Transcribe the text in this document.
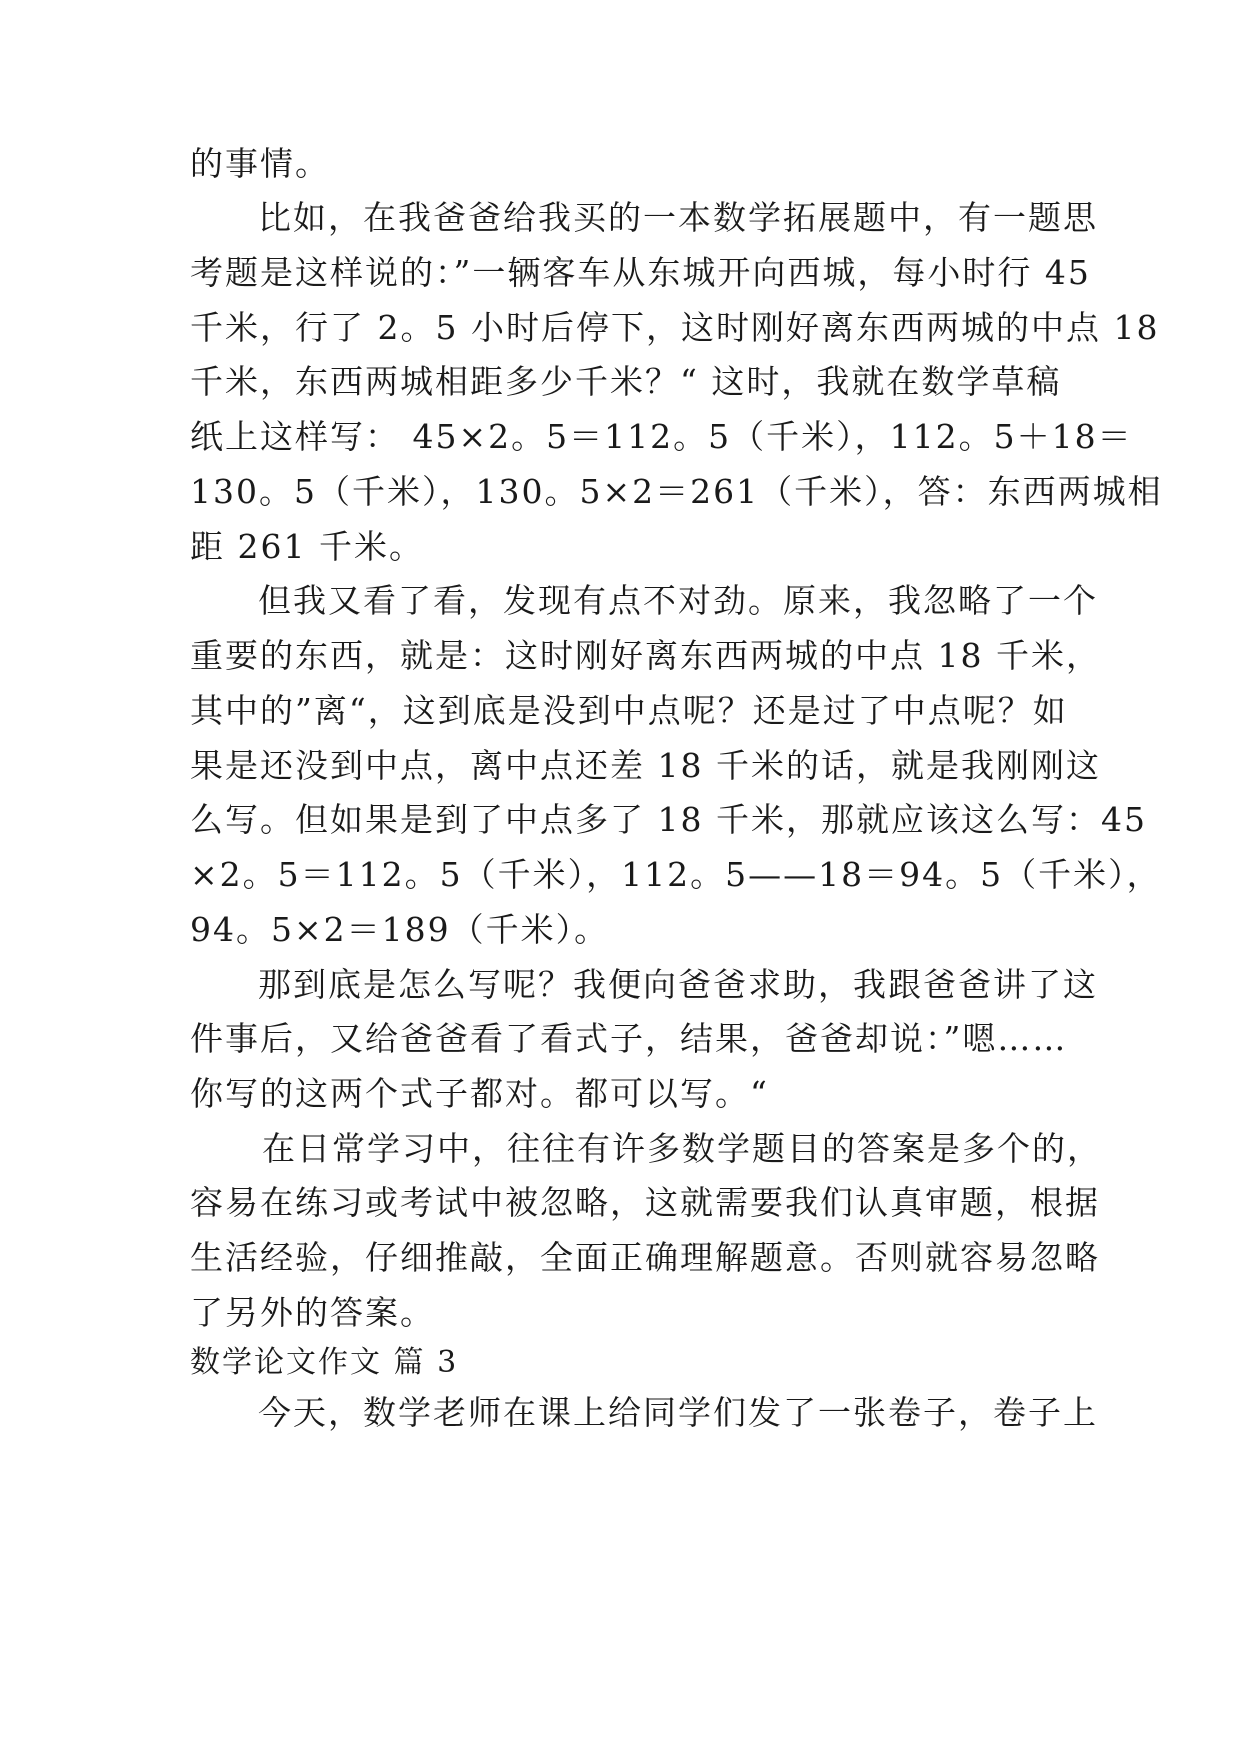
的事情。
比如，在我爸爸给我买的一本数学拓展题中，有一题思
考题是这样说的：”一辆客车从东城开向西城，每小时行 45
千米，行了 2。5 小时后停下，这时刚好离东西两城的中点 18
千米，东西两城相距多少千米？“ 这时，我就在数学草稿
纸上这样写： 45×2。5＝112。5（千米），112。5＋18＝
130。5（千米），130。5×2＝261（千米），答：东西两城相
距 261 千米。
但我又看了看，发现有点不对劲。原来，我忽略了一个
重要的东西，就是：这时刚好离东西两城的中点 18 千米，
其中的”离“，这到底是没到中点呢？还是过了中点呢？如
果是还没到中点，离中点还差 18 千米的话，就是我刚刚这
么写。但如果是到了中点多了 18 千米，那就应该这么写：45
×2。5＝112。5（千米），112。5——18＝94。5（千米），
94。5×2＝189（千米）。
那到底是怎么写呢？我便向爸爸求助，我跟爸爸讲了这
件事后，又给爸爸看了看式子，结果，爸爸却说：”嗯……
你写的这两个式子都对。都可以写。“
在日常学习中，往往有许多数学题目的答案是多个的，
容易在练习或考试中被忽略，这就需要我们认真审题，根据
生活经验，仔细推敲，全面正确理解题意。否则就容易忽略
了另外的答案。
数学论文作文 篇 3
今天，数学老师在课上给同学们发了一张卷子，卷子上
